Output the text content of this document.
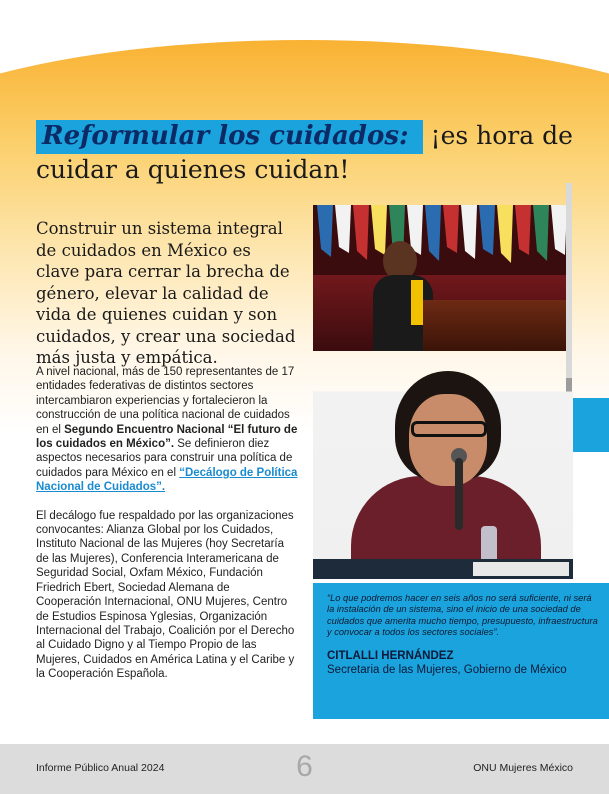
Reformular los cuidados: ¡es hora de cuidar a quienes cuidan!
Construir un sistema integral de cuidados en México es clave para cerrar la brecha de género, elevar la calidad de vida de quienes cuidan y son cuidados, y crear una sociedad más justa y empática.

A nivel nacional, más de 150 representantes de 17 entidades federativas de distintos sectores intercambiaron experiencias y fortalecieron la construcción de una política nacional de cuidados en el Segundo Encuentro Nacional “El futuro de los cuidados en México”. Se definieron diez aspectos necesarios para construir una política de cuidados para México en el “Decálogo de Política Nacional de Cuidados”.

El decálogo fue respaldado por las organizaciones convocantes: Alianza Global por los Cuidados, Instituto Nacional de las Mujeres (hoy Secretaría de las Mujeres), Conferencia Interamericana de Seguridad Social, Oxfam México, Fundación Friedrich Ebert, Sociedad Alemana de Cooperación Internacional, ONU Mujeres, Centro de Estudios Espinosa Yglesias, Organización Internacional del Trabajo, Coalición por el Derecho al Cuidado Digno y al Tiempo Propio de las Mujeres, Cuidados en América Latina y el Caribe y la Cooperación Española.

“Lo que podremos hacer en seis años no será suficiente, ni será la instalación de un sistema, sino el inicio de una sociedad de cuidados que amerita mucho tiempo, presupuesto, infraestructura y convocar a todos los sectores sociales”.

CITLALLI HERNÁNDEZ

Secretaria de las Mujeres, Gobierno de México

Informe Público Anual 2024	6	ONU Mujeres México
